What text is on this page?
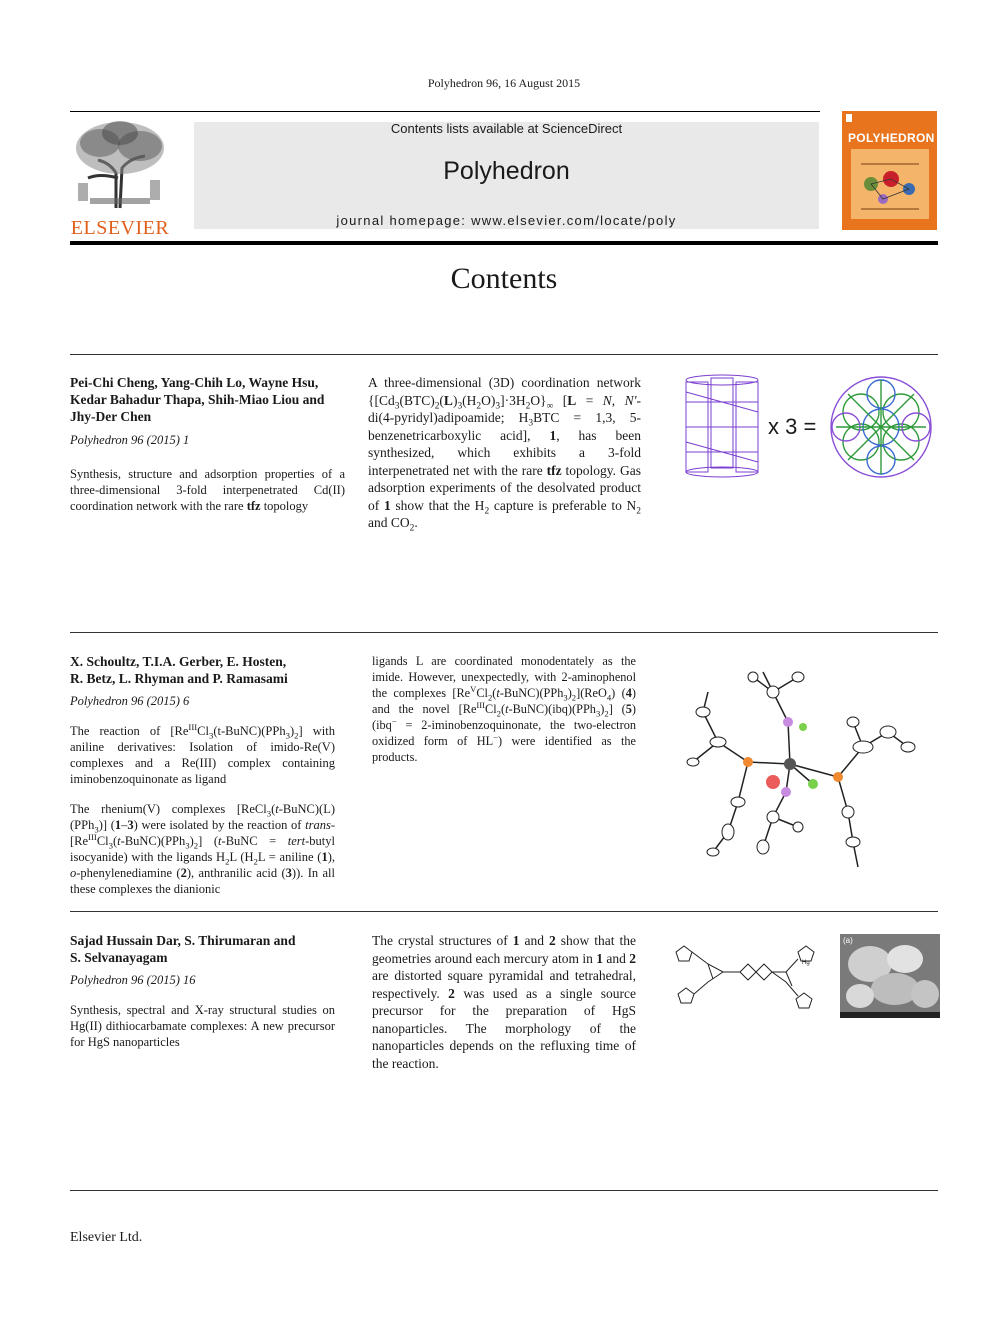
Polyhedron 96, 16 August 2015
ELSEVIER
Contents lists available at ScienceDirect
Polyhedron
journal homepage: www.elsevier.com/locate/poly
POLYHEDRON
Contents
Pei-Chi Cheng, Yang-Chih Lo, Wayne Hsu,
Kedar Bahadur Thapa, Shih-Miao Liou and
Jhy-Der Chen
Polyhedron 96 (2015) 1
Synthesis, structure and adsorption properties of a three-dimensional 3-fold interpenetrated Cd(II) coordination network with the rare tfz topology
A three-dimensional (3D) coordination network $\{[Cd_3(BTC)_2(L)_3(H_2O)_3]\cdot 3H_2O\}_\infty$ [L = N, N'-di(4-pyridyl)adipoamide; $H_3BTC = 1,3$, 5-benzenetricarboxylic acid], 1, has been synthesized, which exhibits a 3-fold interpenetrated net with the rare tfz topology. Gas adsorption experiments of the desolvated product of 1 show that the $H_2$ capture is preferable to $N_2$ and $CO_2$.
x 3 =
X. Schoultz, T.I.A. Gerber, E. Hosten,
R. Betz, L. Rhyman and P. Ramasami
Polyhedron 96 (2015) 6
The reaction of $[Re^{III}Cl_3(t-BuNC)(PPh_3)_2]$ with aniline derivatives: Isolation of imido-Re(V) complexes and a Re(III) complex containing iminobenzoquinonate as ligand
The rhenium(V) complexes [ReCl$_3$(t-BuNC)(L)(PPh$_3$)] (1–3) were isolated by the reaction of trans-$[Re^{III}Cl_3(t-BuNC)(PPh_3)_2]$ (t-BuNC = tert-butyl isocyanide) with the ligands $H_2L$ ($H_2L$ = aniline (1), o-phenylenediamine (2), anthranilic acid (3)). In all these complexes the dianionic
ligands L are coordinated monodentately as the imide. However, unexpectedly, with 2-aminophenol the complexes $[Re^VCl_2(t-BuNC)(PPh_3)_2](ReO_4)$ (4) and the novel $[Re^{III}Cl_2(t-BuNC)(ibq)(PPh_3)_2]$ (5) (ibq− = 2-iminobenzoquinonate, the two-electron oxidized form of HL−) were identified as the products.
Sajad Hussain Dar, S. Thirumaran and
S. Selvanayagam
Polyhedron 96 (2015) 16
Synthesis, spectral and X-ray structural studies on Hg(II) dithiocarbamate complexes: A new precursor for HgS nanoparticles
The crystal structures of 1 and 2 show that the geometries around each mercury atom in 1 and 2 are distorted square pyramidal and tetrahedral, respectively. 2 was used as a single source precursor for the preparation of HgS nanoparticles. The morphology of the nanoparticles depends on the refluxing time of the reaction.
Hg
(a)
Elsevier Ltd.
